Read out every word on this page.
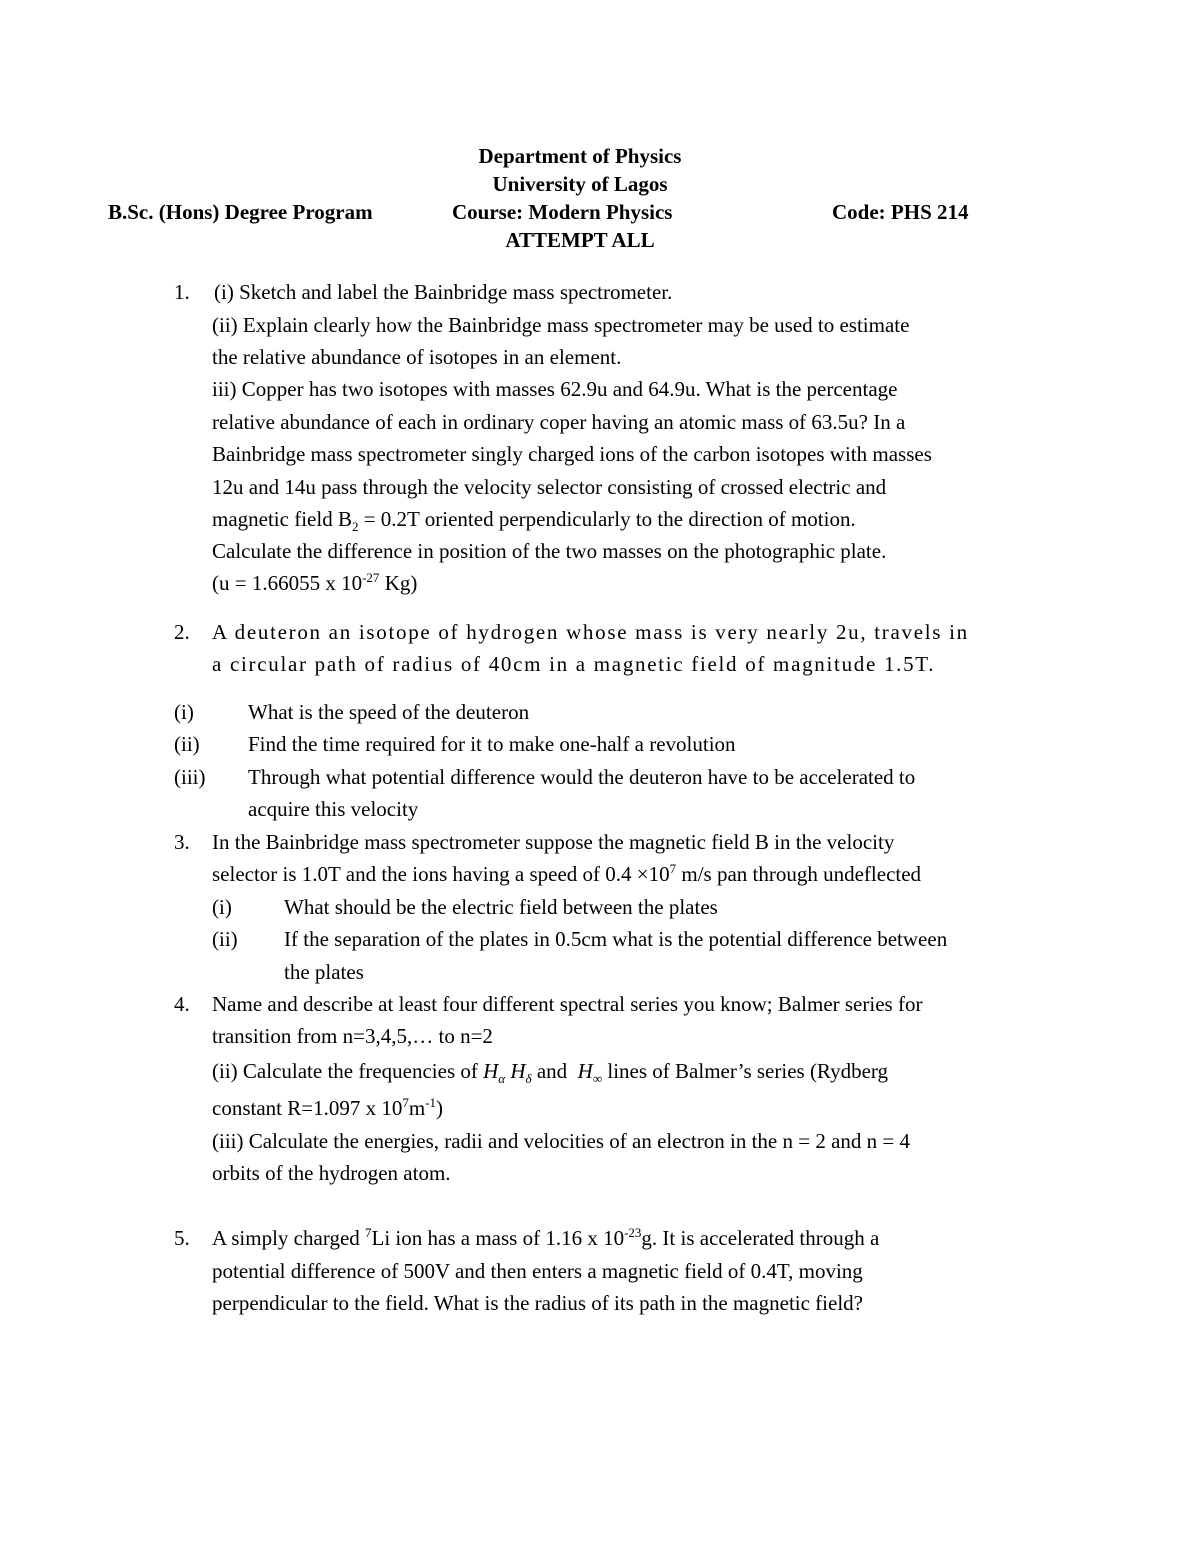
Department of Physics
University of Lagos
B.Sc. (Hons) Degree Program	Course: Modern Physics	Code: PHS 214
ATTEMPT ALL
1. (i) Sketch and label the Bainbridge mass spectrometer.
(ii) Explain clearly how the Bainbridge mass spectrometer may be used to estimate
the relative abundance of isotopes in an element.
iii) Copper has two isotopes with masses 62.9u and 64.9u. What is the percentage
relative abundance of each in ordinary coper having an atomic mass of 63.5u? In a
Bainbridge mass spectrometer singly charged ions of the carbon isotopes with masses
12u and 14u pass through the velocity selector consisting of crossed electric and
magnetic field $B_2 = 0.2T$ oriented perpendicularly to the direction of motion.
Calculate the difference in position of the two masses on the photographic plate.
(u = 1.66055 x $10^{-27}$ Kg)
2. A deuteron an isotope of hydrogen whose mass is very nearly 2u, travels in
a circular path of radius of 40cm in a magnetic field of magnitude 1.5T.
(i)	What is the speed of the deuteron
(ii) Find the time required for it to make one-half a revolution
(iii) Through what potential difference would the deuteron have to be accelerated to
acquire this velocity
3. In the Bainbridge mass spectrometer suppose the magnetic field B in the velocity
selector is 1.0T and the ions having a speed of $0.4 \times 10^7$ m/s pan through undeflected
(i) What should be the electric field between the plates
(ii) If the separation of the plates in 0.5cm what is the potential difference between
the plates
4. Name and describe at least four different spectral series you know; Balmer series for
transition from n=3,4,5,… to n=2
(ii) Calculate the frequencies of $H_\alpha$ $H_\delta$ and $H_\infty$ lines of Balmer’s series (Rydberg
constant R=1.097 x $10^7m^{-1}$)
(iii) Calculate the energies, radii and velocities of an electron in the n = 2 and n = 4
orbits of the hydrogen atom.
5. A simply charged $^7$Li ion has a mass of 1.16 x $10^{-23}g$. It is accelerated through a
potential difference of 500V and then enters a magnetic field of 0.4T, moving
perpendicular to the field. What is the radius of its path in the magnetic field?
